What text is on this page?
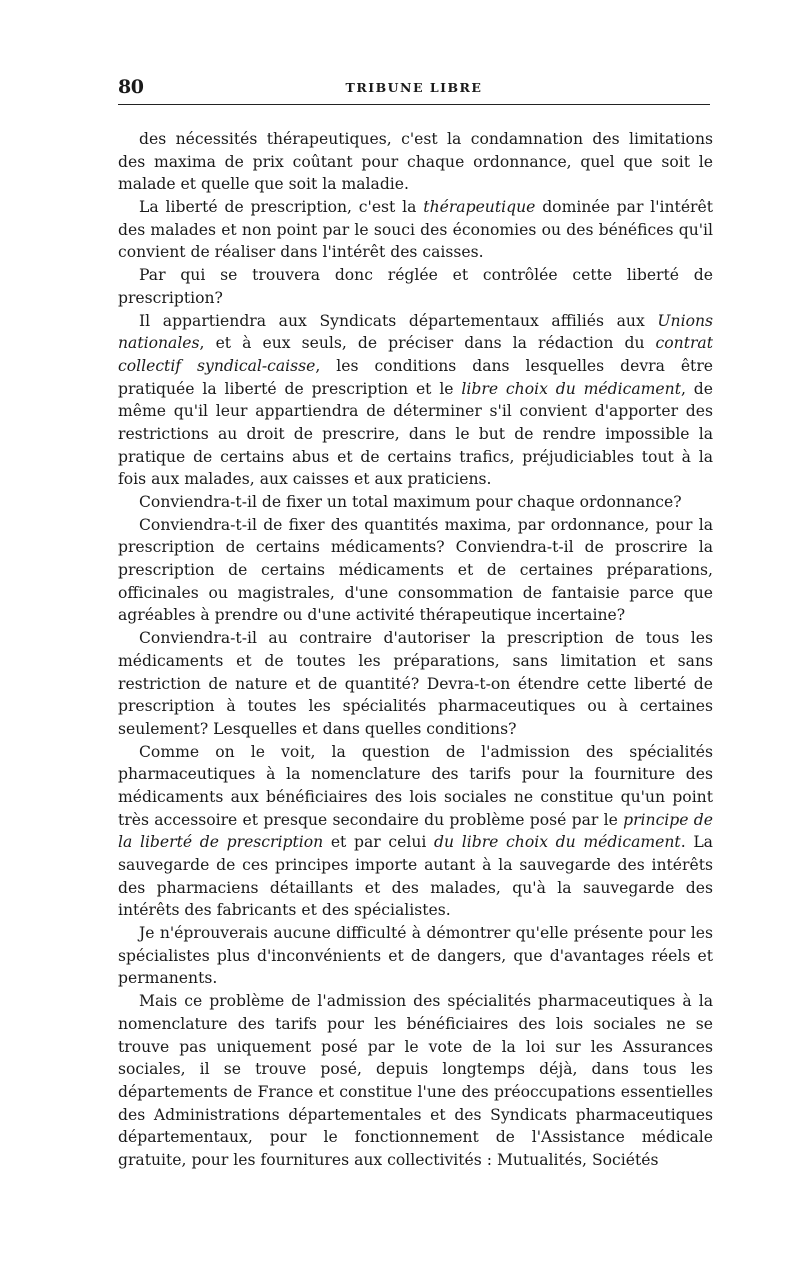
80	TRIBUNE LIBRE

des nécessités thérapeutiques, c'est la condamnation des limitations des maxima de prix coûtant pour chaque ordonnance, quel que soit le malade et quelle que soit la maladie.

La liberté de prescription, c'est la thérapeutique dominée par l'intérêt des malades et non point par le souci des économies ou des bénéfices qu'il convient de réaliser dans l'intérêt des caisses.

Par qui se trouvera donc réglée et contrôlée cette liberté de prescription?

Il appartiendra aux Syndicats départementaux affiliés aux Unions nationales, et à eux seuls, de préciser dans la rédaction du contrat collectif syndical-caisse, les conditions dans lesquelles devra être pratiquée la liberté de prescription et le libre choix du médicament, de même qu'il leur appartiendra de déterminer s'il convient d'apporter des restrictions au droit de prescrire, dans le but de rendre impossible la pratique de certains abus et de certains trafics, préjudiciables tout à la fois aux malades, aux caisses et aux praticiens.

Conviendra-t-il de fixer un total maximum pour chaque ordonnance?

Conviendra-t-il de fixer des quantités maxima, par ordonnance, pour la prescription de certains médicaments? Conviendra-t-il de proscrire la prescription de certains médicaments et de certaines préparations, officinales ou magistrales, d'une consommation de fantaisie parce que agréables à prendre ou d'une activité thérapeutique incertaine?

Conviendra-t-il au contraire d'autoriser la prescription de tous les médicaments et de toutes les préparations, sans limitation et sans restriction de nature et de quantité? Devra-t-on étendre cette liberté de prescription à toutes les spécialités pharmaceutiques ou à certaines seulement? Lesquelles et dans quelles conditions?

Comme on le voit, la question de l'admission des spécialités pharmaceutiques à la nomenclature des tarifs pour la fourniture des médicaments aux bénéficiaires des lois sociales ne constitue qu'un point très accessoire et presque secondaire du problème posé par le principe de la liberté de prescription et par celui du libre choix du médicament. La sauvegarde de ces principes importe autant à la sauvegarde des intérêts des pharmaciens détaillants et des malades, qu'à la sauvegarde des intérêts des fabricants et des spécialistes.

Je n'éprouverais aucune difficulté à démontrer qu'elle présente pour les spécialistes plus d'inconvénients et de dangers, que d'avantages réels et permanents.

Mais ce problème de l'admission des spécialités pharmaceutiques à la nomenclature des tarifs pour les bénéficiaires des lois sociales ne se trouve pas uniquement posé par le vote de la loi sur les Assurances sociales, il se trouve posé, depuis longtemps déjà, dans tous les départements de France et constitue l'une des préoccupations essentielles des Administrations départementales et des Syndicats pharmaceutiques départementaux, pour le fonctionnement de l'Assistance médicale gratuite, pour les fournitures aux collectivités : Mutualités, Sociétés
